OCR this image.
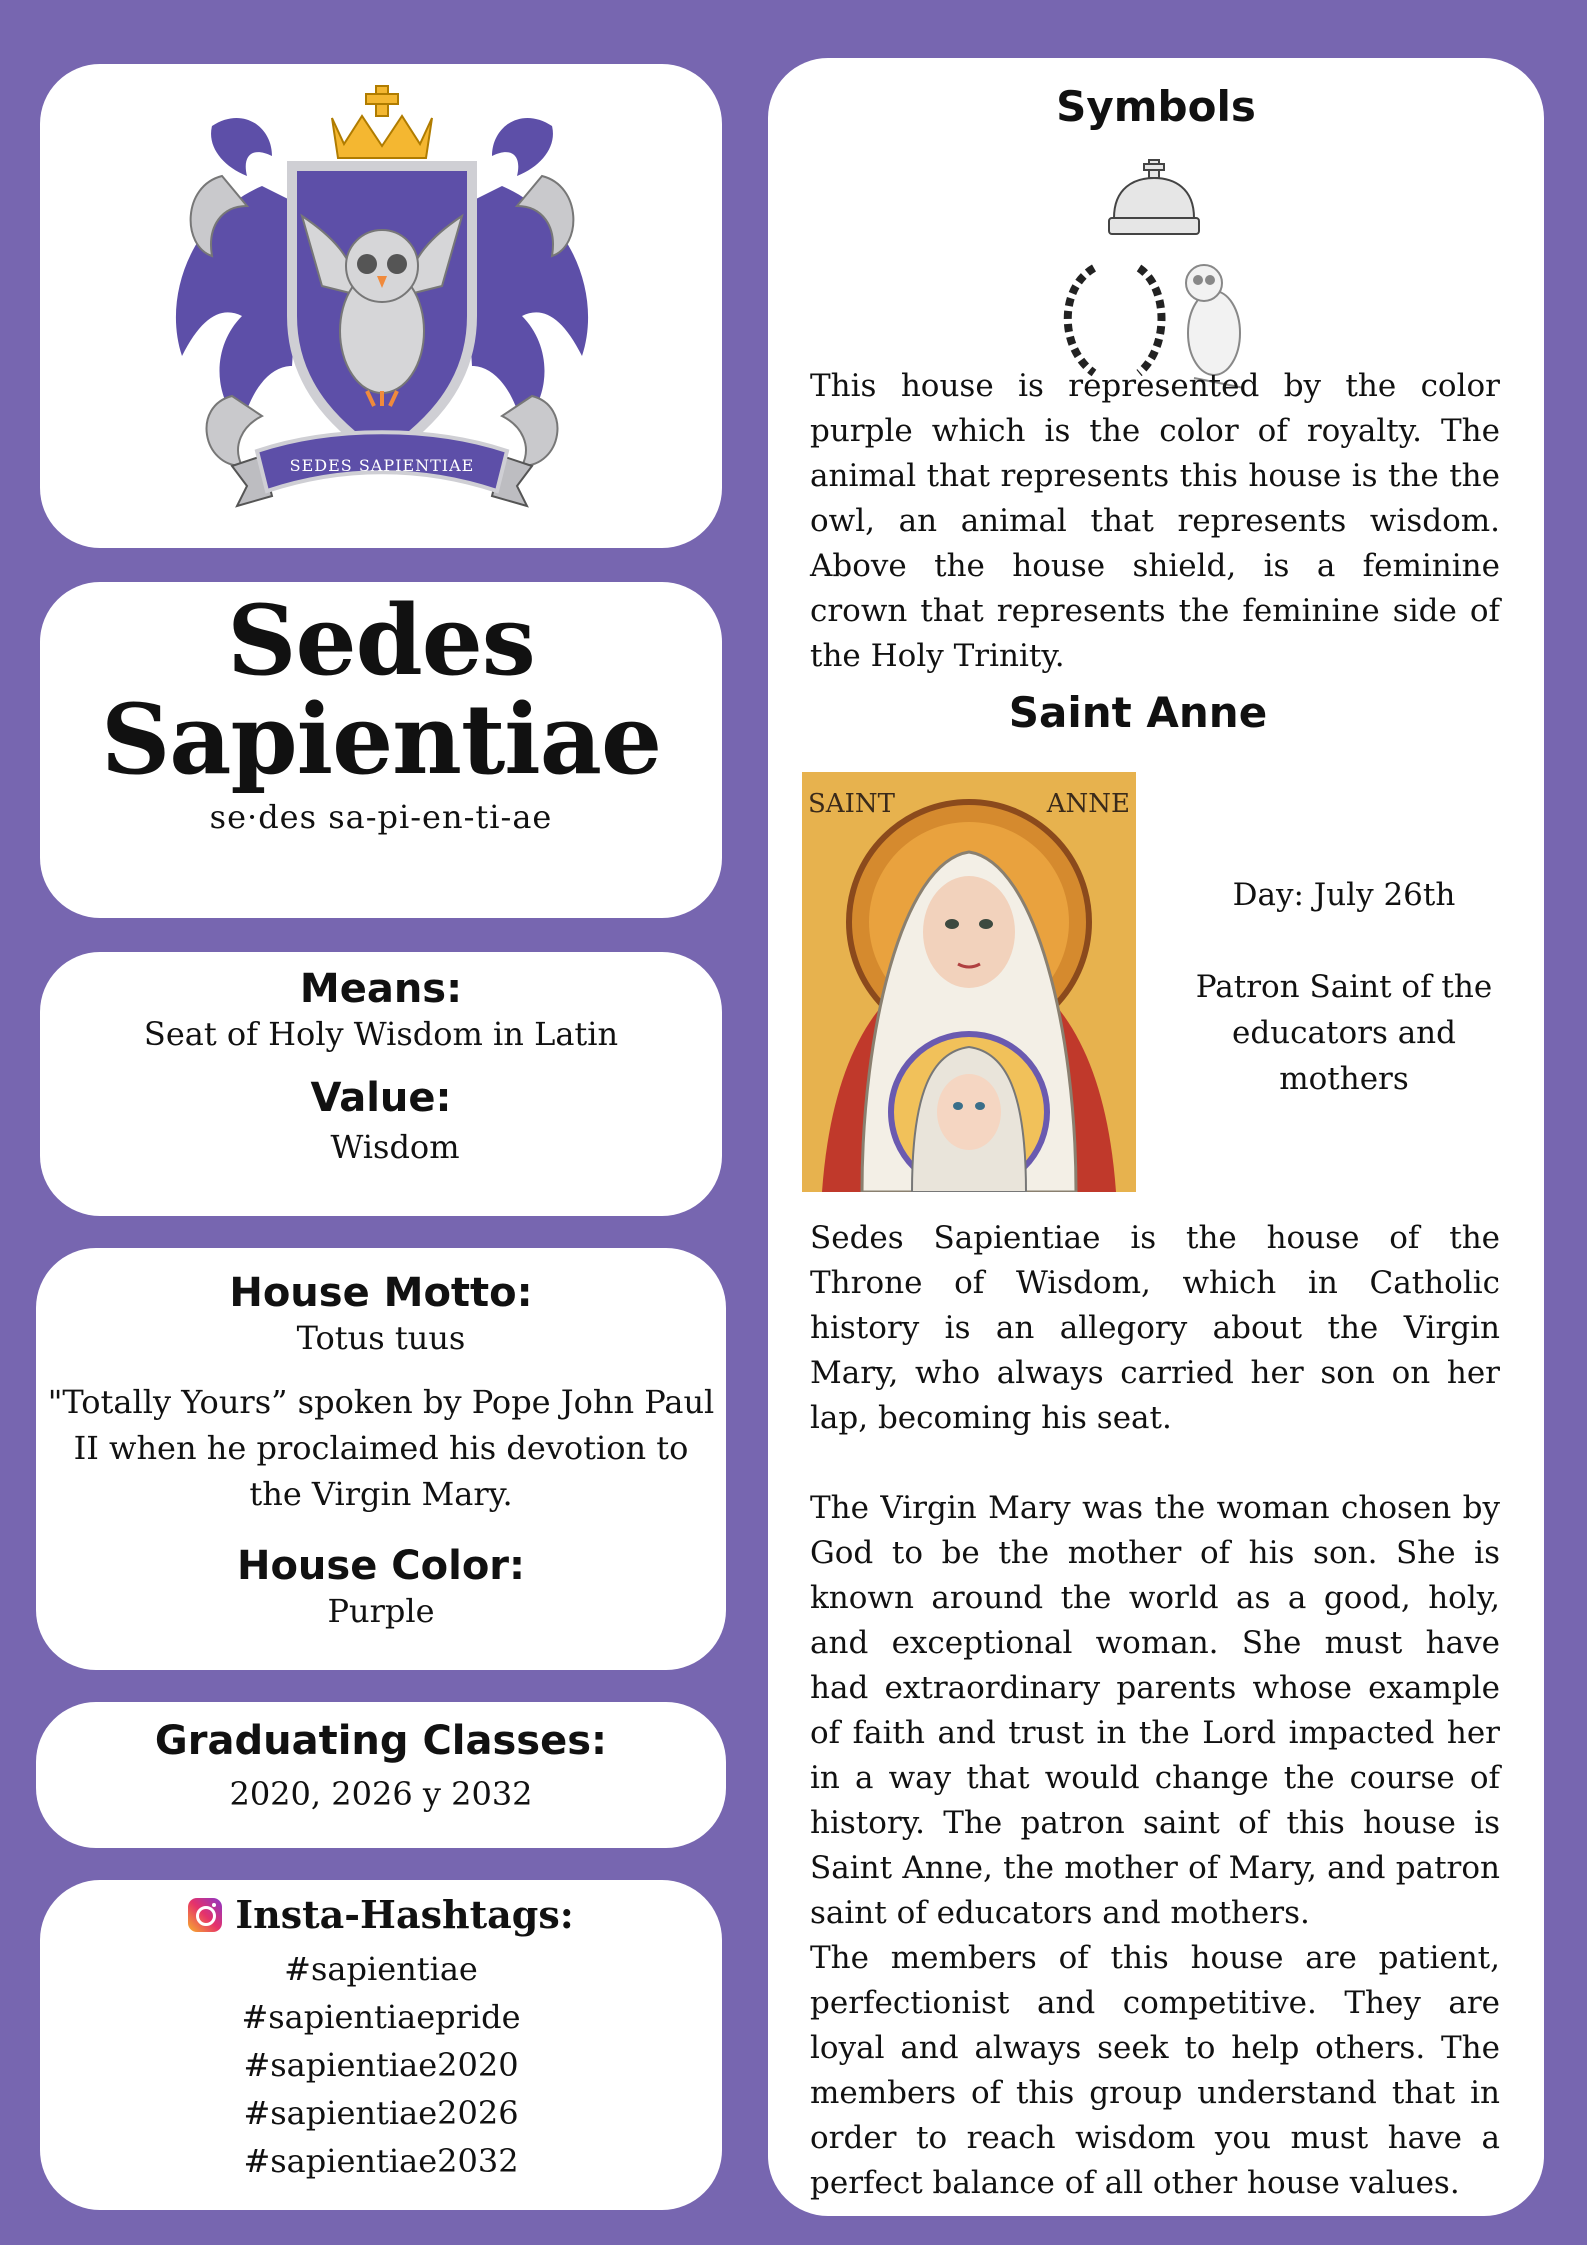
SEDES SAPIENTIAE
Sedes
Sapientiae
se·des sa-pi-en-ti-ae
Means:
Seat of Holy Wisdom in Latin
Value:
Wisdom
House Motto:
Totus tuus
"Totally Yours” spoken by Pope John Paul II when he proclaimed his devotion to the Virgin Mary.
House Color:
Purple
Graduating Classes:
2020, 2026 y 2032
Insta-Hashtags:
#sapientiae
#sapientiaepride
#sapientiae2020
#sapientiae2026
#sapientiae2032
Symbols
This house is represented by the color purple which is the color of royalty. The animal that represents this house is the the owl, an animal that represents wisdom. Above the house shield, is a feminine crown that represents the feminine side of the Holy Trinity.
Saint Anne
SAINT	ANNE
Day: July 26th
Patron Saint of the educators and mothers
Sedes Sapientiae is the house of the Throne of Wisdom, which in Catholic history is an allegory about the Virgin Mary, who always carried her son on her lap, becoming his seat.
The Virgin Mary was the woman chosen by God to be the mother of his son. She is known around the world as a good, holy, and exceptional woman. She must have had extraordinary parents whose example of faith and trust in the Lord impacted her in a way that would change the course of history. The patron saint of this house is Saint Anne, the mother of Mary, and patron saint of educators and mothers.
The members of this house are patient, perfectionist and competitive. They are loyal and always seek to help others. The members of this group understand that in order to reach wisdom you must have a perfect balance of all other house values.
